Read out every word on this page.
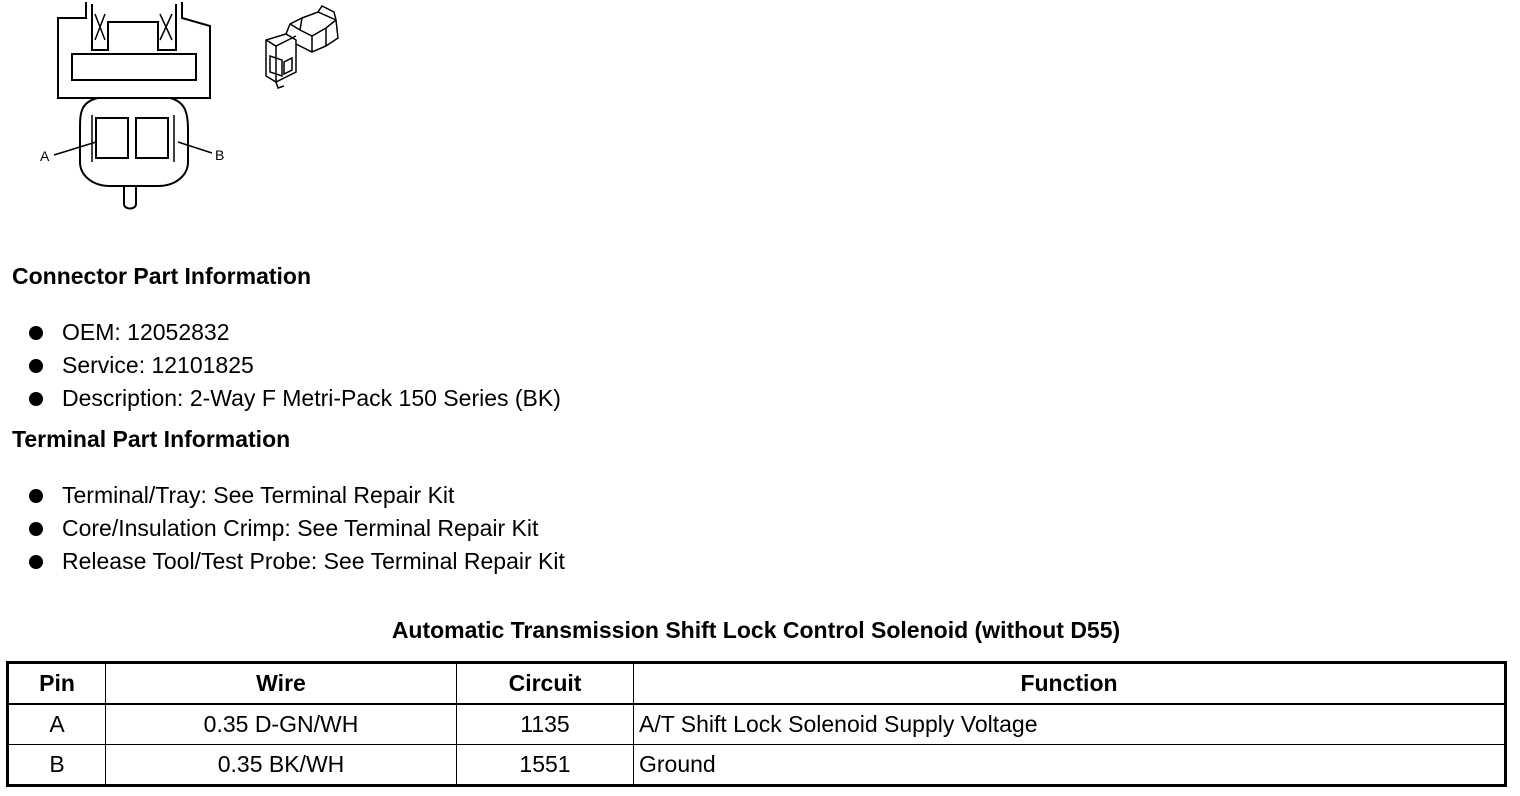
A	B
Connector Part Information
OEM: 12052832
Service: 12101825
Description: 2-Way F Metri-Pack 150 Series (BK)
Terminal Part Information
Terminal/Tray: See Terminal Repair Kit
Core/Insulation Crimp: See Terminal Repair Kit
Release Tool/Test Probe: See Terminal Repair Kit
Automatic Transmission Shift Lock Control Solenoid (without D55)
Pin	Wire	Circuit	Function
A	0.35 D-GN/WH	1135	A/T Shift Lock Solenoid Supply Voltage
B	0.35 BK/WH	1551	Ground
